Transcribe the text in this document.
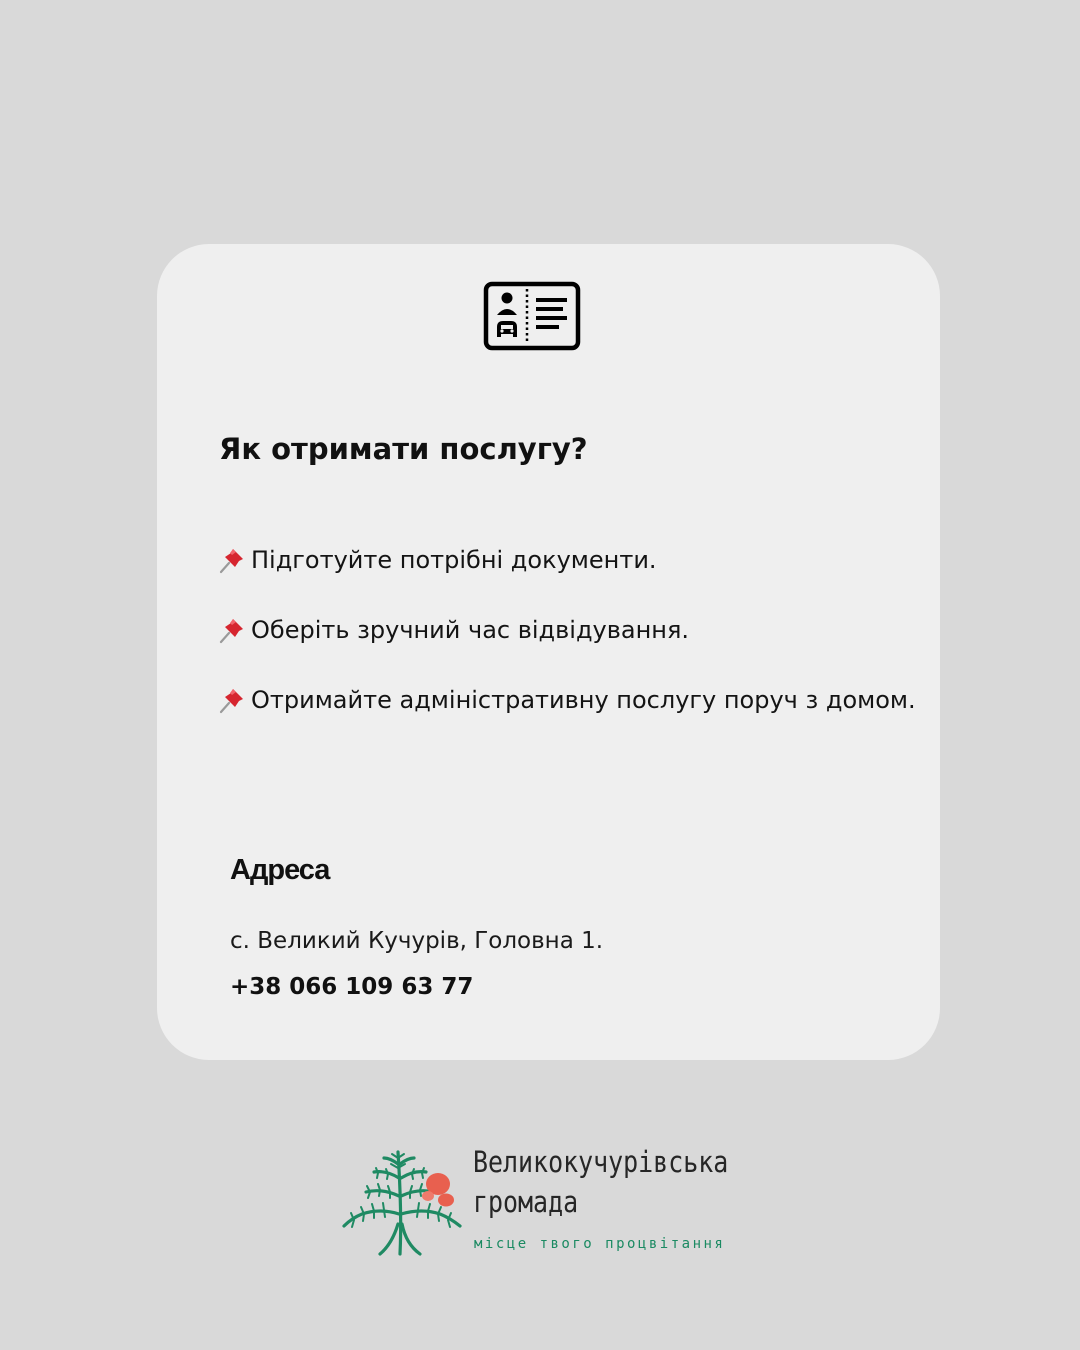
Як отримати послугу?
Підготуйте потрібні документи.
Оберіть зручний час відвідування.
Отримайте адміністративну послугу поруч з домом.
Адреса
с. Великий Кучурів, Головна 1.
+38 066 109 63 77
Великокучурівська
громада
місце твого процвітання
